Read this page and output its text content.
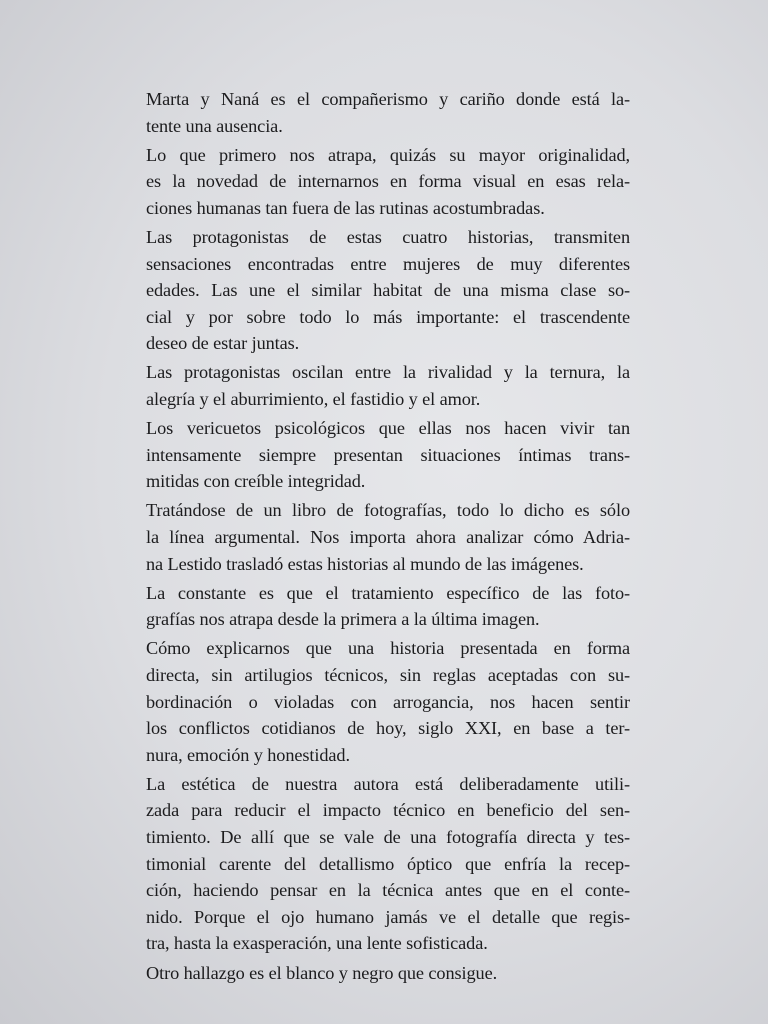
Marta y Naná es el compañerismo y cariño donde está la-
tente una ausencia.
Lo que primero nos atrapa, quizás su mayor originalidad,
es la novedad de internarnos en forma visual en esas rela-
ciones humanas tan fuera de las rutinas acostumbradas.
Las protagonistas de estas cuatro historias, transmiten
sensaciones encontradas entre mujeres de muy diferentes
edades. Las une el similar habitat de una misma clase so-
cial y por sobre todo lo más importante: el trascendente
deseo de estar juntas.
Las protagonistas oscilan entre la rivalidad y la ternura, la
alegría y el aburrimiento, el fastidio y el amor.
Los vericuetos psicológicos que ellas nos hacen vivir tan
intensamente siempre presentan situaciones íntimas trans-
mitidas con creíble integridad.
Tratándose de un libro de fotografías, todo lo dicho es sólo
la línea argumental. Nos importa ahora analizar cómo Adria-
na Lestido trasladó estas historias al mundo de las imágenes.
La constante es que el tratamiento específico de las foto-
grafías nos atrapa desde la primera a la última imagen.
Cómo explicarnos que una historia presentada en forma
directa, sin artilugios técnicos, sin reglas aceptadas con su-
bordinación o violadas con arrogancia, nos hacen sentir
los conflictos cotidianos de hoy, siglo XXI, en base a ter-
nura, emoción y honestidad.
La estética de nuestra autora está deliberadamente utili-
zada para reducir el impacto técnico en beneficio del sen-
timiento. De allí que se vale de una fotografía directa y tes-
timonial carente del detallismo óptico que enfría la recep-
ción, haciendo pensar en la técnica antes que en el conte-
nido. Porque el ojo humano jamás ve el detalle que regis-
tra, hasta la exasperación, una lente sofisticada.
Otro hallazgo es el blanco y negro que consigue.
